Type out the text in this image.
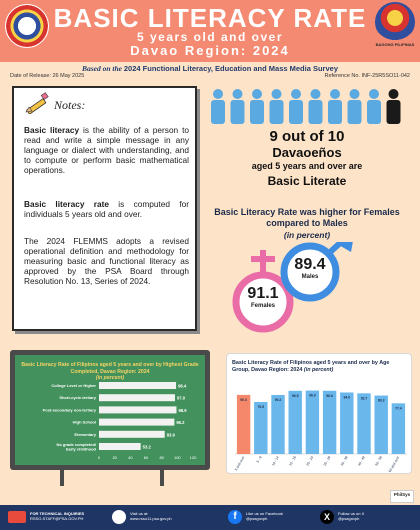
BASIC LITERACY RATE
5 years old and over
Davao Region: 2024	BAGONG PILIPINAS
Based on the 2024 Functional Literacy, Education and Mass Media Survey
Date of Release: 26 May 2025	Reference No. INF-25R5SO11-042
Notes:

Basic literacy is the ability of a person to read and write a simple message in any language or dialect with understanding, and to compute or perform basic mathematical operations.

Basic literacy rate is computed for individuals 5 years old and over.

The 2024 FLEMMS adopts a revised operational definition and methodology for measuring basic and functional literacy as approved by the PSA Board through Resolution No. 13, Series of 2024.

9 out of 10
Davaoeños
aged 5 years and over are
Basic Literate
Basic Literacy Rate was higher for Females compared to Males
(in percent)
91.1
Females
89.4
Males
Basic Literacy Rate of Filipinos aged 5 years and over by Highest Grade Completed, Davao Region: 2024
(in percent)
College Level or Higher	98.4
Short-cycle-tertiary	97.0
Post-secondary non-tertiary	98.9
High School	96.2
Elementary	83.9
No grade completed/ Early childhood	53.2
0	20	40	60	80	100 120
Basic Literacy Rate of Filipinos aged 5 years and over by Age Group, Davao Region: 2024 (in percent)
90.3
5 and over
79.5
5 - 9
90.2
10 - 14
96.5
15 - 19
96.9
20 - 24
96.6
25 - 29
94.0
30 - 39
92.7
40 - 49
89.3
50 - 59
77.4
60 and over
PhilSys
FOR TECHNICAL INQUIRIES
RSSO-STAFF@PSA.GOV.PH
Visit us at:
www.rsso11.psa.gov.ph	f	Like us on Facebook
@psagovph	X	Follow us on X
@psagovph
